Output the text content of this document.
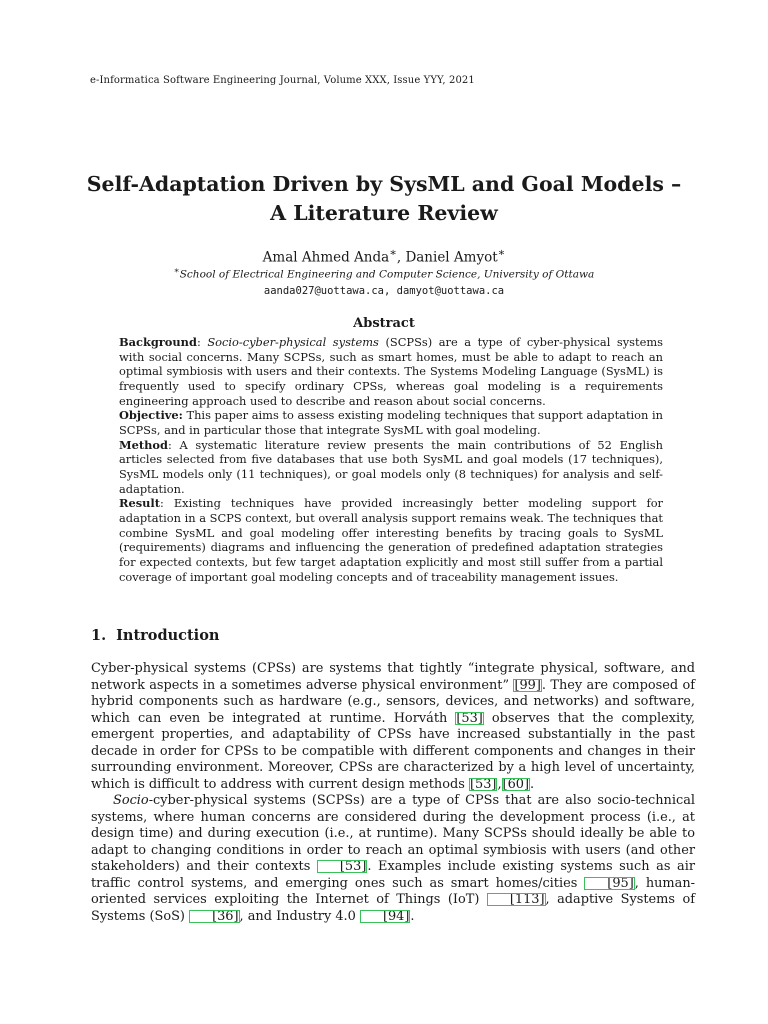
e-Informatica Software Engineering Journal, Volume XXX, Issue YYY, 2021
Self-Adaptation Driven by SysML and Goal Models –
A Literature Review
Amal Ahmed Anda∗, Daniel Amyot∗
∗School of Electrical Engineering and Computer Science, University of Ottawa
aanda027@uottawa.ca, damyot@uottawa.ca
Abstract

Background: Socio-cyber-physical systems (SCPSs) are a type of cyber-physical systems with social concerns. Many SCPSs, such as smart homes, must be able to adapt to reach an optimal symbiosis with users and their contexts. The Systems Modeling Language (SysML) is frequently used to specify ordinary CPSs, whereas goal modeling is a requirements engineering approach used to describe and reason about social concerns.

Objective: This paper aims to assess existing modeling techniques that support adaptation in SCPSs, and in particular those that integrate SysML with goal modeling.

Method: A systematic literature review presents the main contributions of 52 English articles selected from five databases that use both SysML and goal models (17 techniques), SysML models only (11 techniques), or goal models only (8 techniques) for analysis and self-adaptation.

Result: Existing techniques have provided increasingly better modeling support for adaptation in a SCPS context, but overall analysis support remains weak. The techniques that combine SysML and goal modeling offer interesting benefits by tracing goals to SysML (requirements) diagrams and influencing the generation of predefined adaptation strategies for expected contexts, but few target adaptation explicitly and most still suffer from a partial coverage of important goal modeling concepts and of traceability management issues.

1. Introduction

Cyber-physical systems (CPSs) are systems that tightly “integrate physical, software, and network aspects in a sometimes adverse physical environment” [99]. They are composed of hybrid components such as hardware (e.g., sensors, devices, and networks) and software, which can even be integrated at runtime. Horváth [53] observes that the complexity, emergent properties, and adaptability of CPSs have increased substantially in the past decade in order for CPSs to be compatible with different components and changes in their surrounding environment. Moreover, CPSs are characterized by a high level of uncertainty, which is difficult to address with current design methods [53],[60].

Socio-cyber-physical systems (SCPSs) are a type of CPSs that are also socio-technical systems, where human concerns are considered during the development process (i.e., at design time) and during execution (i.e., at runtime). Many SCPSs should ideally be able to adapt to changing conditions in order to reach an optimal symbiosis with users (and other stakeholders) and their contexts [53]. Examples include existing systems such as air traffic control systems, and emerging ones such as smart homes/cities [95], human-oriented services exploiting the Internet of Things (IoT) [113], adaptive Systems of Systems (SoS) [36], and Industry 4.0 [94].
